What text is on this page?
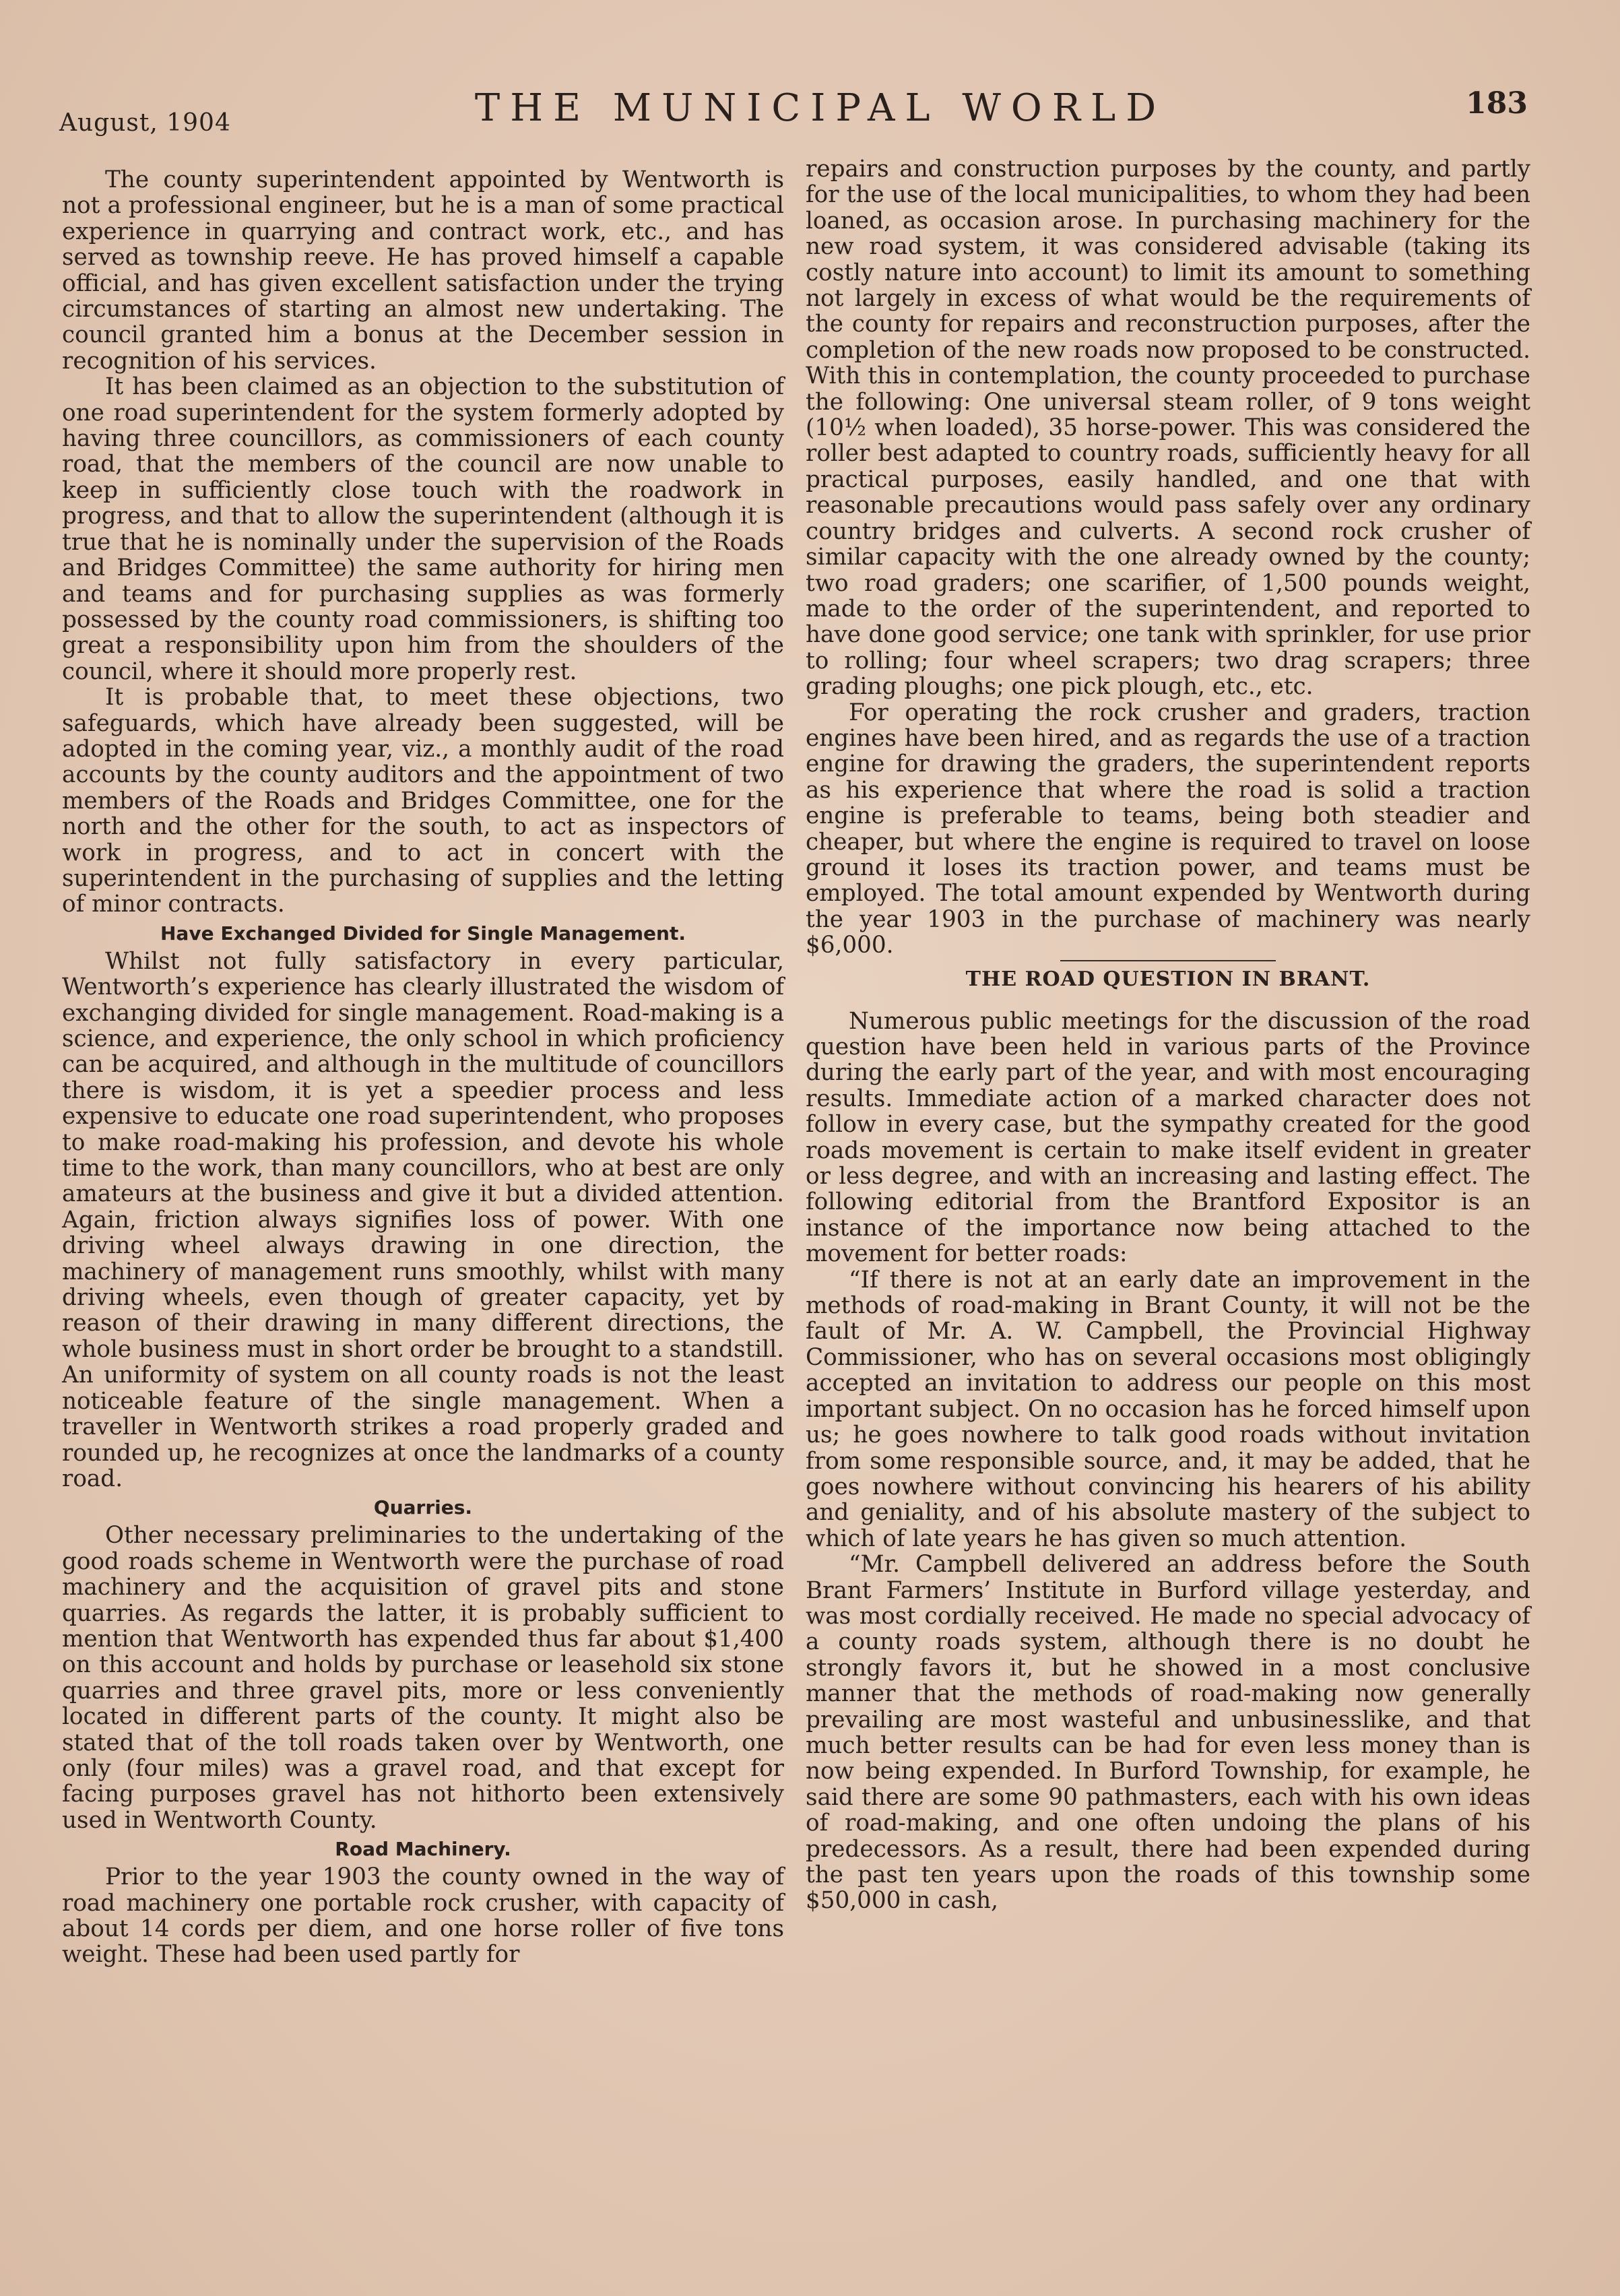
August, 1904	THE MUNICIPAL WORLD	183

The county superintendent appointed by Wentworth is not a professional engineer, but he is a man of some practical experience in quarrying and contract work, etc., and has served as township reeve. He has proved himself a capable official, and has given excellent satisfaction under the trying circumstances of starting an almost new undertaking. The council granted him a bonus at the December session in recognition of his services.

It has been claimed as an objection to the substitution of one road superintendent for the system formerly adopted by having three councillors, as commissioners of each county road, that the members of the council are now unable to keep in sufficiently close touch with the roadwork in progress, and that to allow the superintendent (although it is true that he is nominally under the supervision of the Roads and Bridges Committee) the same authority for hiring men and teams and for purchasing supplies as was formerly possessed by the county road commissioners, is shifting too great a responsibility upon him from the shoulders of the council, where it should more properly rest.

It is probable that, to meet these objections, two safeguards, which have already been suggested, will be adopted in the coming year, viz., a monthly audit of the road accounts by the county auditors and the appointment of two members of the Roads and Bridges Committee, one for the north and the other for the south, to act as inspectors of work in progress, and to act in concert with the superintendent in the purchasing of supplies and the letting of minor contracts.

Have Exchanged Divided for Single Management.

Whilst not fully satisfactory in every particular, Wentworth’s experience has clearly illustrated the wisdom of exchanging divided for single management. Road-making is a science, and experience, the only school in which proficiency can be acquired, and although in the multitude of councillors there is wisdom, it is yet a speedier process and less expensive to educate one road superintendent, who proposes to make road-making his profession, and devote his whole time to the work, than many councillors, who at best are only amateurs at the business and give it but a divided attention. Again, friction always signifies loss of power. With one driving wheel always drawing in one direction, the machinery of management runs smoothly, whilst with many driving wheels, even though of greater capacity, yet by reason of their drawing in many different directions, the whole business must in short order be brought to a standstill. An uniformity of system on all county roads is not the least noticeable feature of the single management. When a traveller in Wentworth strikes a road properly graded and rounded up, he recognizes at once the landmarks of a county road.

Quarries.

Other necessary preliminaries to the undertaking of the good roads scheme in Wentworth were the purchase of road machinery and the acquisition of gravel pits and stone quarries. As regards the latter, it is probably sufficient to mention that Wentworth has expended thus far about $1,400 on this account and holds by purchase or leasehold six stone quarries and three gravel pits, more or less conveniently located in different parts of the county. It might also be stated that of the toll roads taken over by Wentworth, one only (four miles) was a gravel road, and that except for facing purposes gravel has not hithorto been extensively used in Wentworth County.

Road Machinery.

Prior to the year 1903 the county owned in the way of road machinery one portable rock crusher, with capacity of about 14 cords per diem, and one horse roller of five tons weight. These had been used partly for

repairs and construction purposes by the county, and partly for the use of the local municipalities, to whom they had been loaned, as occasion arose. In purchasing machinery for the new road system, it was considered advisable (taking its costly nature into account) to limit its amount to something not largely in excess of what would be the requirements of the county for repairs and reconstruction purposes, after the completion of the new roads now proposed to be constructed. With this in contemplation, the county proceeded to purchase the following: One universal steam roller, of 9 tons weight (10½ when loaded), 35 horse-power. This was considered the roller best adapted to country roads, sufficiently heavy for all practical purposes, easily handled, and one that with reasonable precautions would pass safely over any ordinary country bridges and culverts. A second rock crusher of similar capacity with the one already owned by the county; two road graders; one scarifier, of 1,500 pounds weight, made to the order of the superintendent, and reported to have done good service; one tank with sprinkler, for use prior to rolling; four wheel scrapers; two drag scrapers; three grading ploughs; one pick plough, etc., etc.

For operating the rock crusher and graders, traction engines have been hired, and as regards the use of a traction engine for drawing the graders, the superintendent reports as his experience that where the road is solid a traction engine is preferable to teams, being both steadier and cheaper, but where the engine is required to travel on loose ground it loses its traction power, and teams must be employed. The total amount expended by Wentworth during the year 1903 in the purchase of machinery was nearly $6,000.

THE ROAD QUESTION IN BRANT.

Numerous public meetings for the discussion of the road question have been held in various parts of the Province during the early part of the year, and with most encouraging results. Immediate action of a marked character does not follow in every case, but the sympathy created for the good roads movement is certain to make itself evident in greater or less degree, and with an increasing and lasting effect. The following editorial from the Brantford Expositor is an instance of the importance now being attached to the movement for better roads:

“If there is not at an early date an improvement in the methods of road-making in Brant County, it will not be the fault of Mr. A. W. Campbell, the Provincial Highway Commissioner, who has on several occasions most obligingly accepted an invitation to address our people on this most important subject. On no occasion has he forced himself upon us; he goes nowhere to talk good roads without invitation from some responsible source, and, it may be added, that he goes nowhere without convincing his hearers of his ability and geniality, and of his absolute mastery of the subject to which of late years he has given so much attention.

“Mr. Campbell delivered an address before the South Brant Farmers’ Institute in Burford village yesterday, and was most cordially received. He made no special advocacy of a county roads system, although there is no doubt he strongly favors it, but he showed in a most conclusive manner that the methods of road-making now generally prevailing are most wasteful and unbusinesslike, and that much better results can be had for even less money than is now being expended. In Burford Township, for example, he said there are some 90 pathmasters, each with his own ideas of road-making, and one often undoing the plans of his predecessors. As a result, there had been expended during the past ten years upon the roads of this township some $50,000 in cash,
